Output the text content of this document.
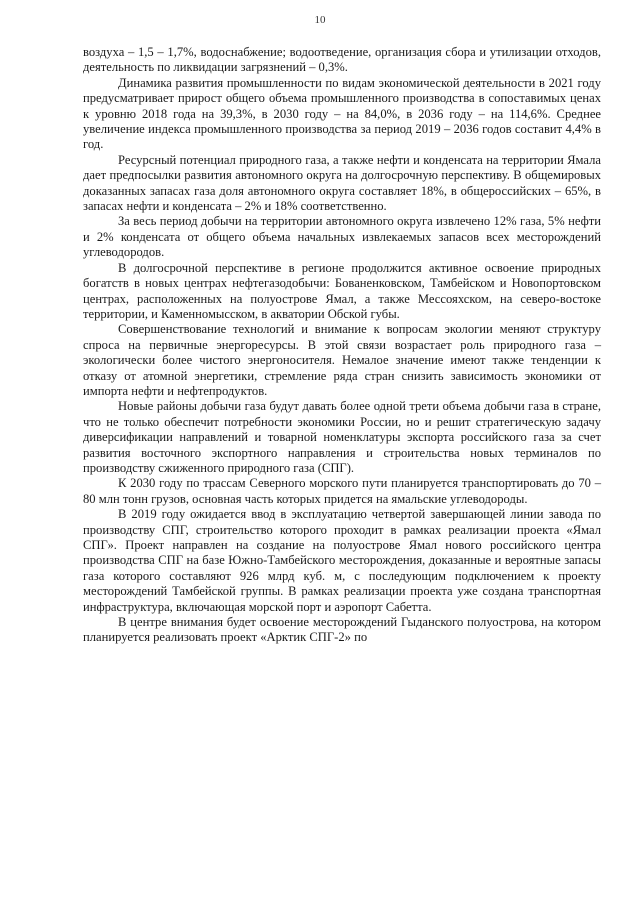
10

воздуха – 1,5 – 1,7%, водоснабжение; водоотведение, организация сбора и утилизации отходов, деятельность по ликвидации загрязнений – 0,3%.

Динамика развития промышленности по видам экономической деятельности в 2021 году предусматривает прирост общего объема промышленного производства в сопоставимых ценах к уровню 2018 года на 39,3%, в 2030 году – на 84,0%, в 2036 году – на 114,6%. Среднее увеличение индекса промышленного производства за период 2019 – 2036 годов составит 4,4% в год.

Ресурсный потенциал природного газа, а также нефти и конденсата на территории Ямала дает предпосылки развития автономного округа на долгосрочную перспективу. В общемировых доказанных запасах газа доля автономного округа составляет 18%, в общероссийских – 65%, в запасах нефти и конденсата – 2% и 18% соответственно.

За весь период добычи на территории автономного округа извлечено 12% газа, 5% нефти и 2% конденсата от общего объема начальных извлекаемых запасов всех месторождений углеводородов.

В долгосрочной перспективе в регионе продолжится активное освоение природных богатств в новых центрах нефтегазодобычи: Бованенковском, Тамбейском и Новопортовском центрах, расположенных на полуострове Ямал, а также Мессояхском, на северо-востоке территории, и Каменномысском, в акватории Обской губы.

Совершенствование технологий и внимание к вопросам экологии меняют структуру спроса на первичные энергоресурсы. В этой связи возрастает роль природного газа – экологически более чистого энергоносителя. Немалое значение имеют также тенденции к отказу от атомной энергетики, стремление ряда стран снизить зависимость экономики от импорта нефти и нефтепродуктов.

Новые районы добычи газа будут давать более одной трети объема добычи газа в стране, что не только обеспечит потребности экономики России, но и решит стратегическую задачу диверсификации направлений и товарной номенклатуры экспорта российского газа за счет развития восточного экспортного направления и строительства новых терминалов по производству сжиженного природного газа (СПГ).

К 2030 году по трассам Северного морского пути планируется транспортировать до 70 – 80 млн тонн грузов, основная часть которых придется на ямальские углеводороды.

В 2019 году ожидается ввод в эксплуатацию четвертой завершающей линии завода по производству СПГ, строительство которого проходит в рамках реализации проекта «Ямал СПГ». Проект направлен на создание на полуострове Ямал нового российского центра производства СПГ на базе Южно-Тамбейского месторождения, доказанные и вероятные запасы газа которого составляют 926 млрд куб. м, с последующим подключением к проекту месторождений Тамбейской группы. В рамках реализации проекта уже создана транспортная инфраструктура, включающая морской порт и аэропорт Сабетта.

В центре внимания будет освоение месторождений Гыданского полуострова, на котором планируется реализовать проект «Арктик СПГ-2» по
